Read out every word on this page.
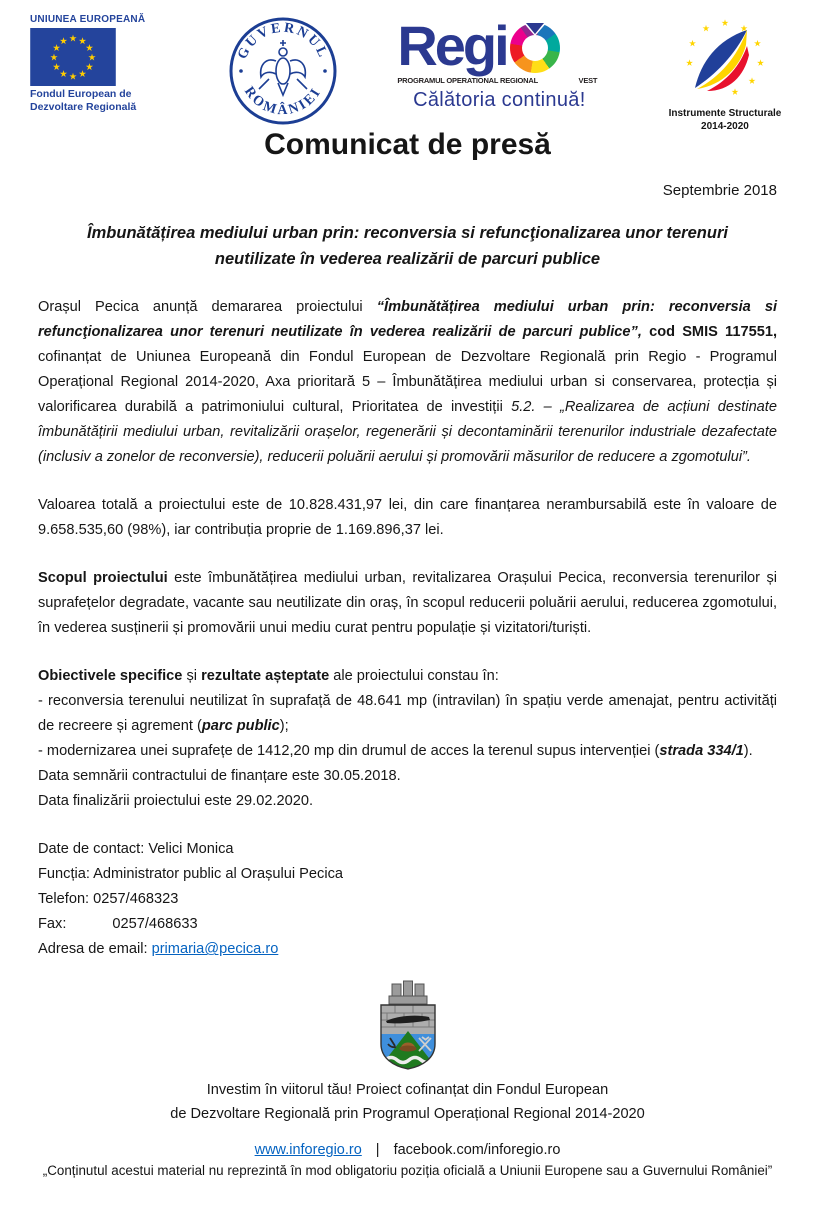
UNIUNEA EUROPEANĂ
Fondul European de
Dezvoltare Regională
GUVERNUL
ROMÂNIEI
Regi
PROGRAMUL OPERATIONAL REGIONAL	VEST
Călătoria continuă!
Instrumente Structurale
2014-2020
Comunicat de presă
Septembrie 2018
Îmbunătățirea mediului urban prin: reconversia si refuncţionalizarea unor terenuri neutilizate în vederea realizării de parcuri publice

Orașul Pecica anunță demararea proiectului “Îmbunătățirea mediului urban prin: reconversia si refuncţionalizarea unor terenuri neutilizate în vederea realizării de parcuri publice”, cod SMIS 117551, cofinanțat de Uniunea Europeană din Fondul European de Dezvoltare Regională prin Regio - Programul Operațional Regional 2014-2020, Axa prioritară 5 – Îmbunătățirea mediului urban si conservarea, protecția și valorificarea durabilă a patrimoniului cultural, Prioritatea de investiții 5.2. – „Realizarea de acțiuni destinate îmbunătățirii mediului urban, revitalizării orașelor, regenerării și decontaminării terenurilor industriale dezafectate (inclusiv a zonelor de reconversie), reducerii poluării aerului și promovării măsurilor de reducere a zgomotului”.

Valoarea totală a proiectului este de 10.828.431,97 lei, din care finanțarea nerambursabilă este în valoare de 9.658.535,60 (98%), iar contribuția proprie de 1.169.896,37 lei.

Scopul proiectului este îmbunătățirea mediului urban, revitalizarea Orașului Pecica, reconversia terenurilor și suprafețelor degradate, vacante sau neutilizate din oraș, în scopul reducerii poluării aerului, reducerea zgomotului, în vederea susținerii și promovării unui mediu curat pentru populație și vizitatori/turiști.

Obiectivele specifice și rezultate așteptate ale proiectului constau în:
- reconversia terenului neutilizat în suprafață de 48.641 mp (intravilan) în spațiu verde amenajat, pentru activități de recreere și agrement (parc public);
- modernizarea unei suprafețe de 1412,20 mp din drumul de acces la terenul supus intervenției (strada 334/1).
Data semnării contractului de finanțare este 30.05.2018.
Data finalizării proiectului este 29.02.2020.
Date de contact: Velici Monica
Funcția: Administrator public al Orașului Pecica
Telefon: 0257/468323
Fax:	0257/468633
Adresa de email: primaria@pecica.ro
Investim în viitorul tău! Proiect cofinanțat din Fondul European
de Dezvoltare Regională prin Programul Operațional Regional 2014-2020
www.inforegio.ro | facebook.com/inforegio.ro
„Conținutul acestui material nu reprezintă în mod obligatoriu poziția oficială a Uniunii Europene sau a Guvernului României”
